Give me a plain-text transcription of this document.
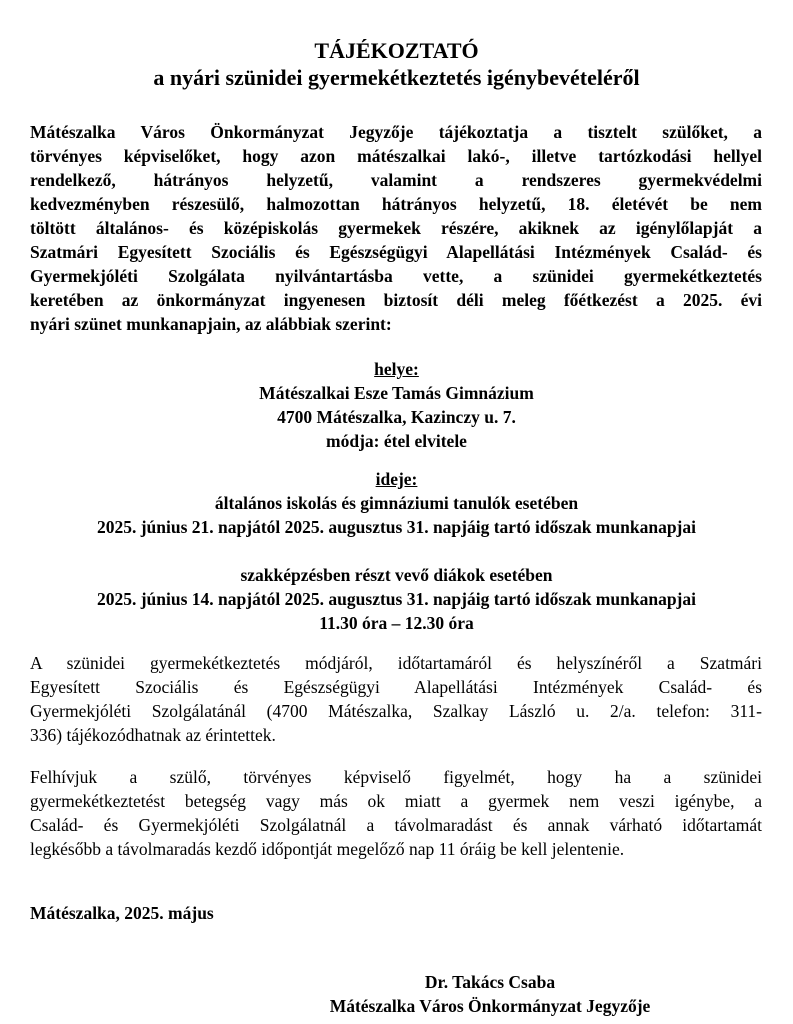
TÁJÉKOZTATÓ
a nyári szünidei gyermekétkeztetés igénybevételéről
Mátészalka Város Önkormányzat Jegyzője tájékoztatja a tisztelt szülőket, a
törvényes képviselőket, hogy azon mátészalkai lakó-, illetve tartózkodási hellyel
rendelkező, hátrányos helyzetű, valamint a rendszeres gyermekvédelmi
kedvezményben részesülő, halmozottan hátrányos helyzetű, 18. életévét be nem
töltött általános- és középiskolás gyermekek részére, akiknek az igénylőlapját a
Szatmári Egyesített Szociális és Egészségügyi Alapellátási Intézmények Család- és
Gyermekjóléti Szolgálata nyilvántartásba vette, a szünidei gyermekétkeztetés
keretében az önkormányzat ingyenesen biztosít déli meleg főétkezést a 2025. évi
nyári szünet munkanapjain, az alábbiak szerint:
helye:
Mátészalkai Esze Tamás Gimnázium
4700 Mátészalka, Kazinczy u. 7.
módja: étel elvitele
ideje:
általános iskolás és gimnáziumi tanulók esetében
2025. június 21. napjától 2025. augusztus 31. napjáig tartó időszak munkanapjai
szakképzésben részt vevő diákok esetében
2025. június 14. napjától 2025. augusztus 31. napjáig tartó időszak munkanapjai
11.30 óra – 12.30 óra
A szünidei gyermekétkeztetés módjáról, időtartamáról és helyszínéről a Szatmári
Egyesített Szociális és Egészségügyi Alapellátási Intézmények Család- és
Gyermekjóléti Szolgálatánál (4700 Mátészalka, Szalkay László u. 2/a. telefon: 311-
336) tájékozódhatnak az érintettek.
Felhívjuk a szülő, törvényes képviselő figyelmét, hogy ha a szünidei
gyermekétkeztetést betegség vagy más ok miatt a gyermek nem veszi igénybe, a
Család- és Gyermekjóléti Szolgálatnál a távolmaradást és annak várható időtartamát
legkésőbb a távolmaradás kezdő időpontját megelőző nap 11 óráig be kell jelentenie.
Mátészalka, 2025. május
Dr. Takács Csaba
Mátészalka Város Önkormányzat Jegyzője
